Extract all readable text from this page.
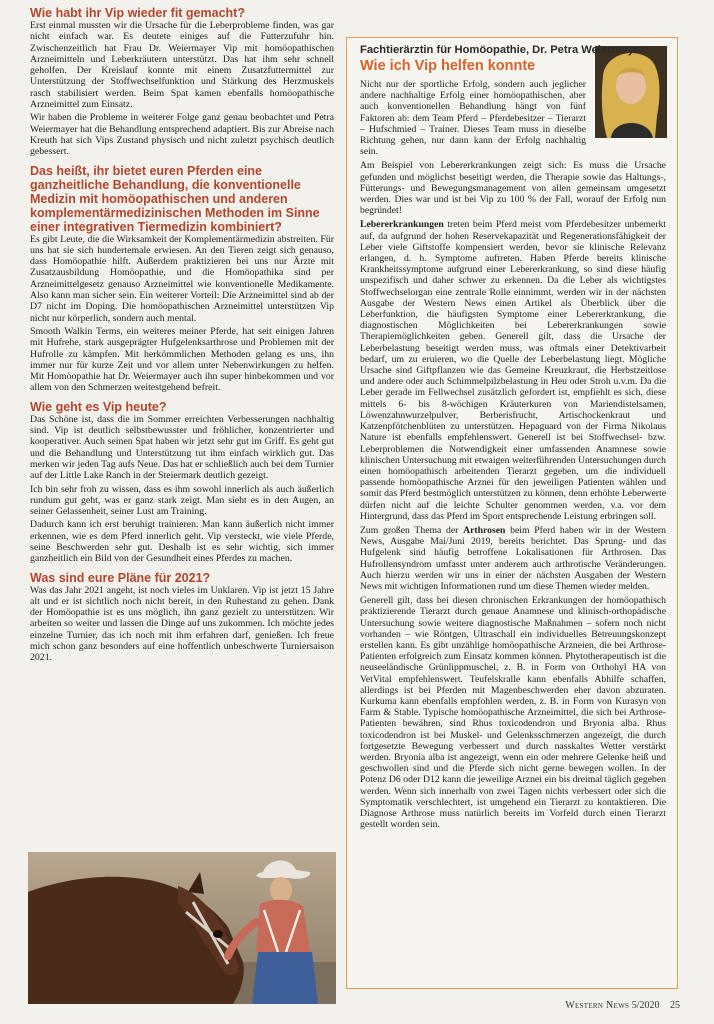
Wie habt ihr Vip wieder fit gemacht?

Erst einmal mussten wir die Ursache für die Leberprobleme finden, was gar nicht einfach war. Es deutete einiges auf die Futterzufuhr hin. Zwischenzeitlich hat Frau Dr. Weiermayer Vip mit homöopathischen Arzneimitteln und Leberkräutern unterstützt. Das hat ihm sehr schnell geholfen. Der Kreislauf konnte mit einem Zusatzfuttermittel zur Unterstützung der Stoffwechselfunktion und Stärkung des Herzmuskels rasch stabilisiert werden. Beim Spat kamen ebenfalls homöopathische Arzneimittel zum Einsatz.

Wir haben die Probleme in weiterer Folge ganz genau beobachtet und Petra Weiermayer hat die Behandlung entsprechend adaptiert. Bis zur Abreise nach Kreuth hat sich Vips Zustand physisch und nicht zuletzt psychisch deutlich gebessert.

Das heißt, ihr bietet euren Pferden eine ganzheitliche Behandlung, die konventionelle Medizin mit homöopathischen und anderen komplementärmedizinischen Methoden im Sinne einer integrativen Tiermedizin kombiniert?

Es gibt Leute, die die Wirksamkeit der Komplementärmedizin abstreiten. Für uns hat sie sich hundertemale erwiesen. An den Tieren zeigt sich genauso, dass Homöopathie hilft. Außerdem praktizieren bei uns nur Ärzte mit Zusatzausbildung Homöopathie, und die Homöopathika sind per Arzneimittelgesetz genauso Arzneimittel wie konventionelle Medikamente. Also kann man sicher sein. Ein weiterer Vorteil: Die Arzneimittel sind ab der D7 nicht im Doping. Die homöopathischen Arzneimittel unterstützen Vip nicht nur körperlich, sondern auch mental.

Smooth Walkin Terms, ein weiteres meiner Pferde, hat seit einigen Jahren mit Hufrehe, stark ausgeprägter Hufgelenksarthrose und Problemen mit der Hufrolle zu kämpfen. Mit herkömmlichen Methoden gelang es uns, ihn immer nur für kurze Zeit und vor allem unter Nebenwirkungen zu helfen. Mit Homöopathie hat Dr. Weiermayer auch ihn super hinbekommen und vor allem von den Schmerzen weitestgehend befreit.

Wie geht es Vip heute?

Das Schöne ist, dass die im Sommer erreichten Verbesserungen nachhaltig sind. Vip ist deutlich selbstbewusster und fröhlicher, konzentrierter und kooperativer. Auch seinen Spat haben wir jetzt sehr gut im Griff. Es geht gut und die Behandlung und Unterstützung tut ihm einfach wirklich gut. Das merken wir jeden Tag aufs Neue. Das hat er schließlich auch bei dem Turnier auf der Little Lake Ranch in der Steiermark deutlich gezeigt.

Ich bin sehr froh zu wissen, dass es ihm sowohl innerlich als auch äußerlich rundum gut geht, was er ganz stark zeigt. Man sieht es in den Augen, an seiner Gelassenheit, seiner Lust am Training.

Dadurch kann ich erst beruhigt trainieren. Man kann äußerlich nicht immer erkennen, wie es dem Pferd innerlich geht. Vip versteckt, wie viele Pferde, seine Beschwerden sehr gut. Deshalb ist es sehr wichtig, sich immer ganzheitlich ein Bild von der Gesundheit eines Pferdes zu machen.

Was sind eure Pläne für 2021?

Was das Jahr 2021 angeht, ist noch vieles im Unklaren. Vip ist jetzt 15 Jahre alt und er ist sichtlich noch nicht bereit, in den Ruhestand zu gehen. Dank der Homöopathie ist es uns möglich, ihn ganz gezielt zu unterstützen. Wir arbeiten so weiter und lassen die Dinge auf uns zukommen. Ich möchte jedes einzelne Turnier, das ich noch mit ihm erfahren darf, genießen. Ich freue mich schon ganz besonders auf eine hoffentlich unbeschwerte Turniersaison 2021.

Fachtierärztin für Homöopathie, Dr. Petra Weiermayer:

Wie ich Vip helfen konnte

Nicht nur der sportliche Erfolg, sondern auch jeglicher andere nachhaltige Erfolg einer homöopathischen, aber auch konventionellen Behandlung hängt von fünf Faktoren ab: dem Team Pferd – Pferdebesitzer – Tierarzt – Hufschmied – Trainer. Dieses Team muss in dieselbe Richtung gehen, nur dann kann der Erfolg nachhaltig sein.

Am Beispiel von Lebererkrankungen zeigt sich: Es muss die Ursache gefunden und möglichst beseitigt werden, die Therapie sowie das Haltungs-, Fütterungs- und Bewegungsmanagement von allen gemeinsam umgesetzt werden. Dies war und ist bei Vip zu 100 % der Fall, worauf der Erfolg nun begründet!

Lebererkrankungen treten beim Pferd meist vom Pferdebesitzer unbemerkt auf, da aufgrund der hohen Reservekapazität und Regenerationsfähigkeit der Leber viele Giftstoffe kompensiert werden, bevor sie klinische Relevanz erlangen, d. h. Symptome auftreten. Haben Pferde bereits klinische Krankheitssymptome aufgrund einer Lebererkrankung, so sind diese häufig unspezifisch und daher schwer zu erkennen. Da die Leber als wichtigstes Stoffwechselorgan eine zentrale Rolle einnimmt, werden wir in der nächsten Ausgabe der Western News einen Artikel als Überblick über die Leberfunktion, die häufigsten Symptome einer Lebererkrankung, die diagnostischen Möglichkeiten bei Lebererkrankungen sowie Therapiemöglichkeiten geben. Generell gilt, dass die Ursache der Leberbelastung beseitigt werden muss, was oftmals einer Detektivarbeit bedarf, um zu eruieren, wo die Quelle der Leberbelastung liegt. Mögliche Ursache sind Giftpflanzen wie das Gemeine Kreuzkraut, die Herbstzeitlose und andere oder auch Schimmelpilzbelastung in Heu oder Stroh u.v.m. Da die Leber gerade im Fellwechsel zusätzlich gefordert ist, empfiehlt es sich, diese mittels 6- bis 8-wöchigen Kräuterkuren von Mariendistelsamen, Löwenzahnwurzelpulver, Berberisfrucht, Artischockenkraut und Katzenpfötchenblüten zu unterstützen. Hepaguard von der Firma Nikolaus Nature ist ebenfalls empfehlenswert. Generell ist bei Stoffwechsel- bzw. Leberproblemen die Notwendigkeit einer umfassenden Anamnese sowie klinischen Untersuchung mit etwaigen weiterführenden Untersuchungen durch einen homöopathisch arbeitenden Tierarzt gegeben, um die individuell passende homöopathische Arznei für den jeweiligen Patienten wählen und somit das Pferd bestmöglich unterstützen zu können, denn erhöhte Leberwerte dürfen nicht auf die leichte Schulter genommen werden, v.a. vor dem Hintergrund, dass das Pferd im Sport entsprechende Leistung erbringen soll.

Zum großen Thema der Arthrosen beim Pferd haben wir in der Western News, Ausgabe Mai/Juni 2019, bereits berichtet. Das Sprung- und das Hufgelenk sind häufig betroffene Lokalisationen für Arthrosen. Das Hufrollensyndrom umfasst unter anderem auch arthrotische Veränderungen. Auch hierzu werden wir uns in einer der nächsten Ausgaben der Western News mit wichtigen Informationen rund um diese Themen wieder melden.

Generell gilt, dass bei diesen chronischen Erkrankungen der homöopathisch praktizierende Tierarzt durch genaue Anamnese und klinisch-orthopädische Untersuchung sowie weitere diagnostische Maßnahmen – sofern noch nicht vorhanden – wie Röntgen, Ultraschall ein individuelles Betreuungskonzept erstellen kann. Es gibt unzählige homöopathische Arzneien, die bei Arthrose-Patienten erfolgreich zum Einsatz kommen können. Phytotherapeutisch ist die neuseeländische Grünlippmuschel, z. B. in Form von Orthohyl HA von VetVital empfehlenswert. Teufelskralle kann ebenfalls Abhilfe schaffen, allerdings ist bei Pferden mit Magenbeschwerden eher davon abzuraten. Kurkuma kann ebenfalls empfohlen werden, z. B. in Form von Kurasyn von Farm & Stable. Typische homöopathische Arzneimittel, die sich bei Arthrose-Patienten bewähren, sind Rhus toxicodendron und Bryonia alba. Rhus toxicodendron ist bei Muskel- und Gelenksschmerzen angezeigt, die durch fortgesetzte Bewegung verbessert und durch nasskaltes Wetter verstärkt werden. Bryonia alba ist angezeigt, wenn ein oder mehrere Gelenke heiß und geschwollen sind und die Pferde sich nicht gerne bewegen wollen. In der Potenz D6 oder D12 kann die jeweilige Arznei ein bis dreimal täglich gegeben werden. Wenn sich innerhalb von zwei Tagen nichts verbessert oder sich die Symptomatik verschlechtert, ist umgehend ein Tierarzt zu kontaktieren. Die Diagnose Arthrose muss natürlich bereits im Vorfeld durch einen Tierarzt gestellt worden sein.

Western News 5/2020 25
